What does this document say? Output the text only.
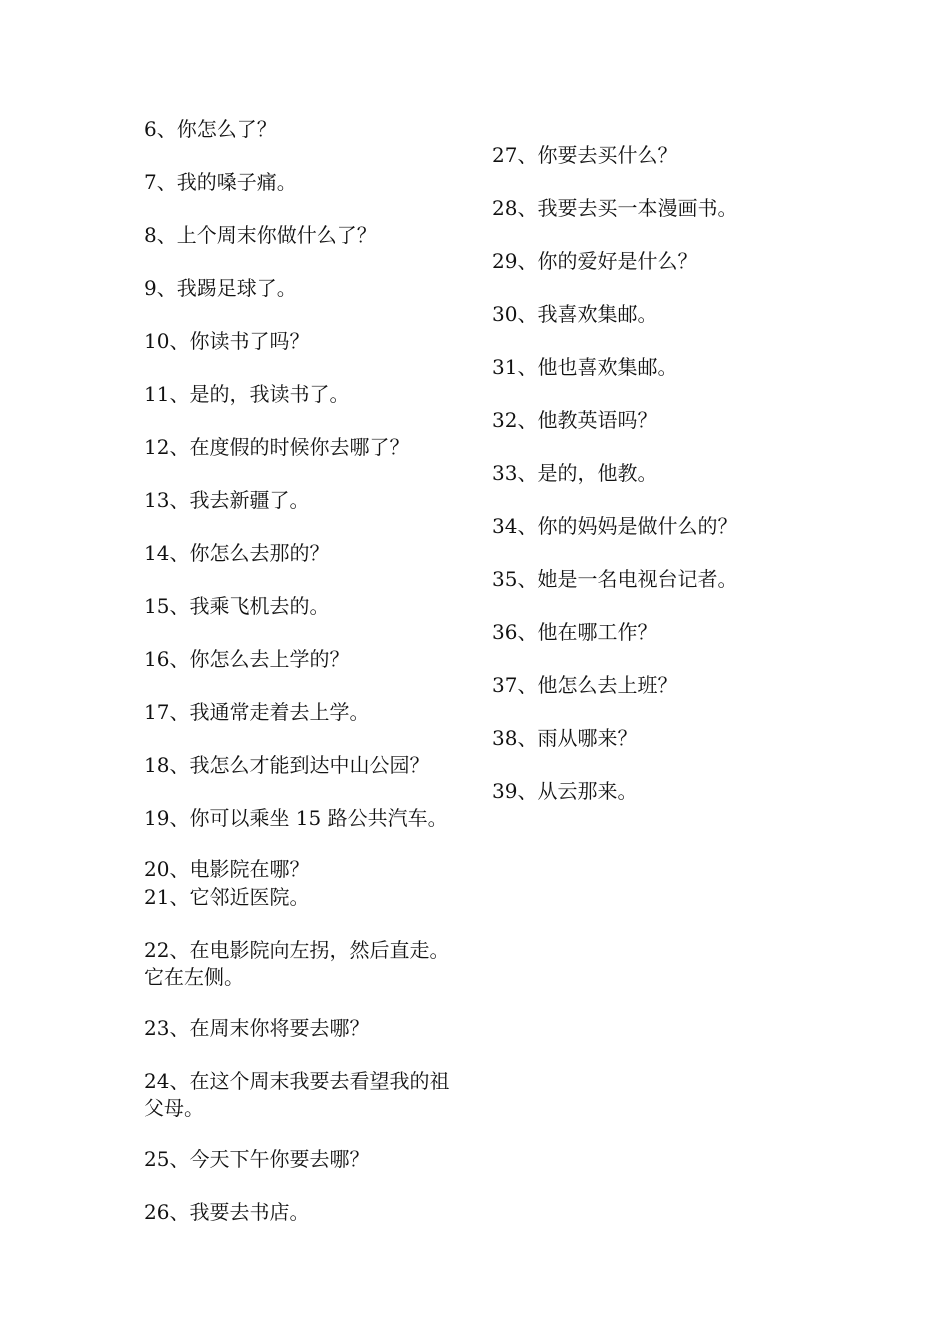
6、你怎么了？

7、我的嗓子痛。

8、上个周末你做什么了？

9、我踢足球了。

10、你读书了吗？

11、是的，我读书了。

12、在度假的时候你去哪了？

13、我去新疆了。

14、你怎么去那的？

15、我乘飞机去的。

16、你怎么去上学的？

17、我通常走着去上学。

18、我怎么才能到达中山公园？

19、你可以乘坐 15 路公共汽车。

20、电影院在哪？

21、它邻近医院。

22、在电影院向左拐，然后直走。它在左侧。

23、在周末你将要去哪？

24、在这个周末我要去看望我的祖父母。

25、今天下午你要去哪？

26、我要去书店。

27、你要去买什么？

28、我要去买一本漫画书。

29、你的爱好是什么？

30、我喜欢集邮。

31、他也喜欢集邮。

32、他教英语吗？

33、是的，他教。

34、你的妈妈是做什么的？

35、她是一名电视台记者。

36、他在哪工作？

37、他怎么去上班？

38、雨从哪来？

39、从云那来。
